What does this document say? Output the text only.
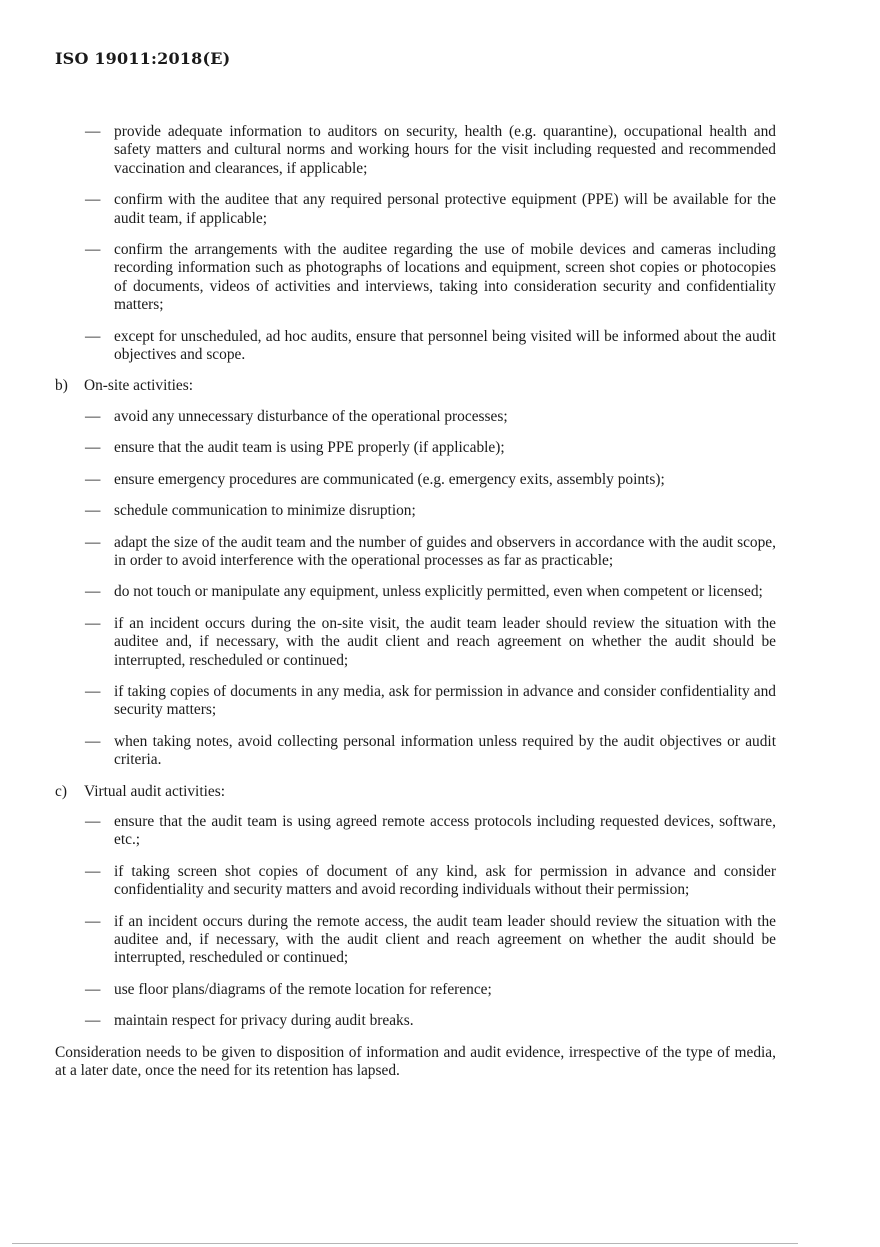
ISO 19011:2018(E)
— provide adequate information to auditors on security, health (e.g. quarantine), occupational health and safety matters and cultural norms and working hours for the visit including requested and recommended vaccination and clearances, if applicable;
— confirm with the auditee that any required personal protective equipment (PPE) will be available for the audit team, if applicable;
— confirm the arrangements with the auditee regarding the use of mobile devices and cameras including recording information such as photographs of locations and equipment, screen shot copies or photocopies of documents, videos of activities and interviews, taking into consideration security and confidentiality matters;
— except for unscheduled, ad hoc audits, ensure that personnel being visited will be informed about the audit objectives and scope.
b) On-site activities:
— avoid any unnecessary disturbance of the operational processes;
— ensure that the audit team is using PPE properly (if applicable);
— ensure emergency procedures are communicated (e.g. emergency exits, assembly points);
— schedule communication to minimize disruption;
— adapt the size of the audit team and the number of guides and observers in accordance with the audit scope, in order to avoid interference with the operational processes as far as practicable;
— do not touch or manipulate any equipment, unless explicitly permitted, even when competent or licensed;
— if an incident occurs during the on-site visit, the audit team leader should review the situation with the auditee and, if necessary, with the audit client and reach agreement on whether the audit should be interrupted, rescheduled or continued;
— if taking copies of documents in any media, ask for permission in advance and consider confidentiality and security matters;
— when taking notes, avoid collecting personal information unless required by the audit objectives or audit criteria.
c) Virtual audit activities:
— ensure that the audit team is using agreed remote access protocols including requested devices, software, etc.;
— if taking screen shot copies of document of any kind, ask for permission in advance and consider confidentiality and security matters and avoid recording individuals without their permission;
— if an incident occurs during the remote access, the audit team leader should review the situation with the auditee and, if necessary, with the audit client and reach agreement on whether the audit should be interrupted, rescheduled or continued;
— use floor plans/diagrams of the remote location for reference;
— maintain respect for privacy during audit breaks.
Consideration needs to be given to disposition of information and audit evidence, irrespective of the type of media, at a later date, once the need for its retention has lapsed.
